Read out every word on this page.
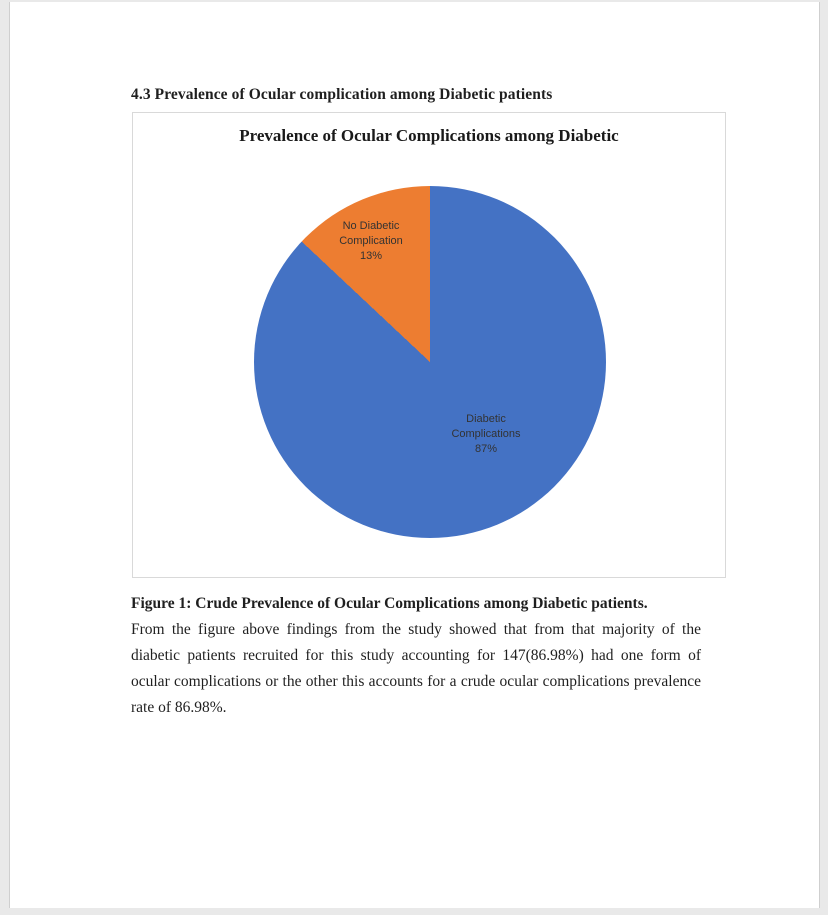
4.3 Prevalence of Ocular complication among Diabetic patients
Prevalence of Ocular Complications among Diabetic
No Diabetic
Complication
13%
Diabetic
Complications
87%

Figure 1: Crude Prevalence of Ocular Complications among Diabetic patients.

From the figure above findings from the study showed that from that majority of the diabetic patients recruited for this study accounting for 147(86.98%) had one form of ocular complications or the other this accounts for a crude ocular complications prevalence rate of 86.98%.
